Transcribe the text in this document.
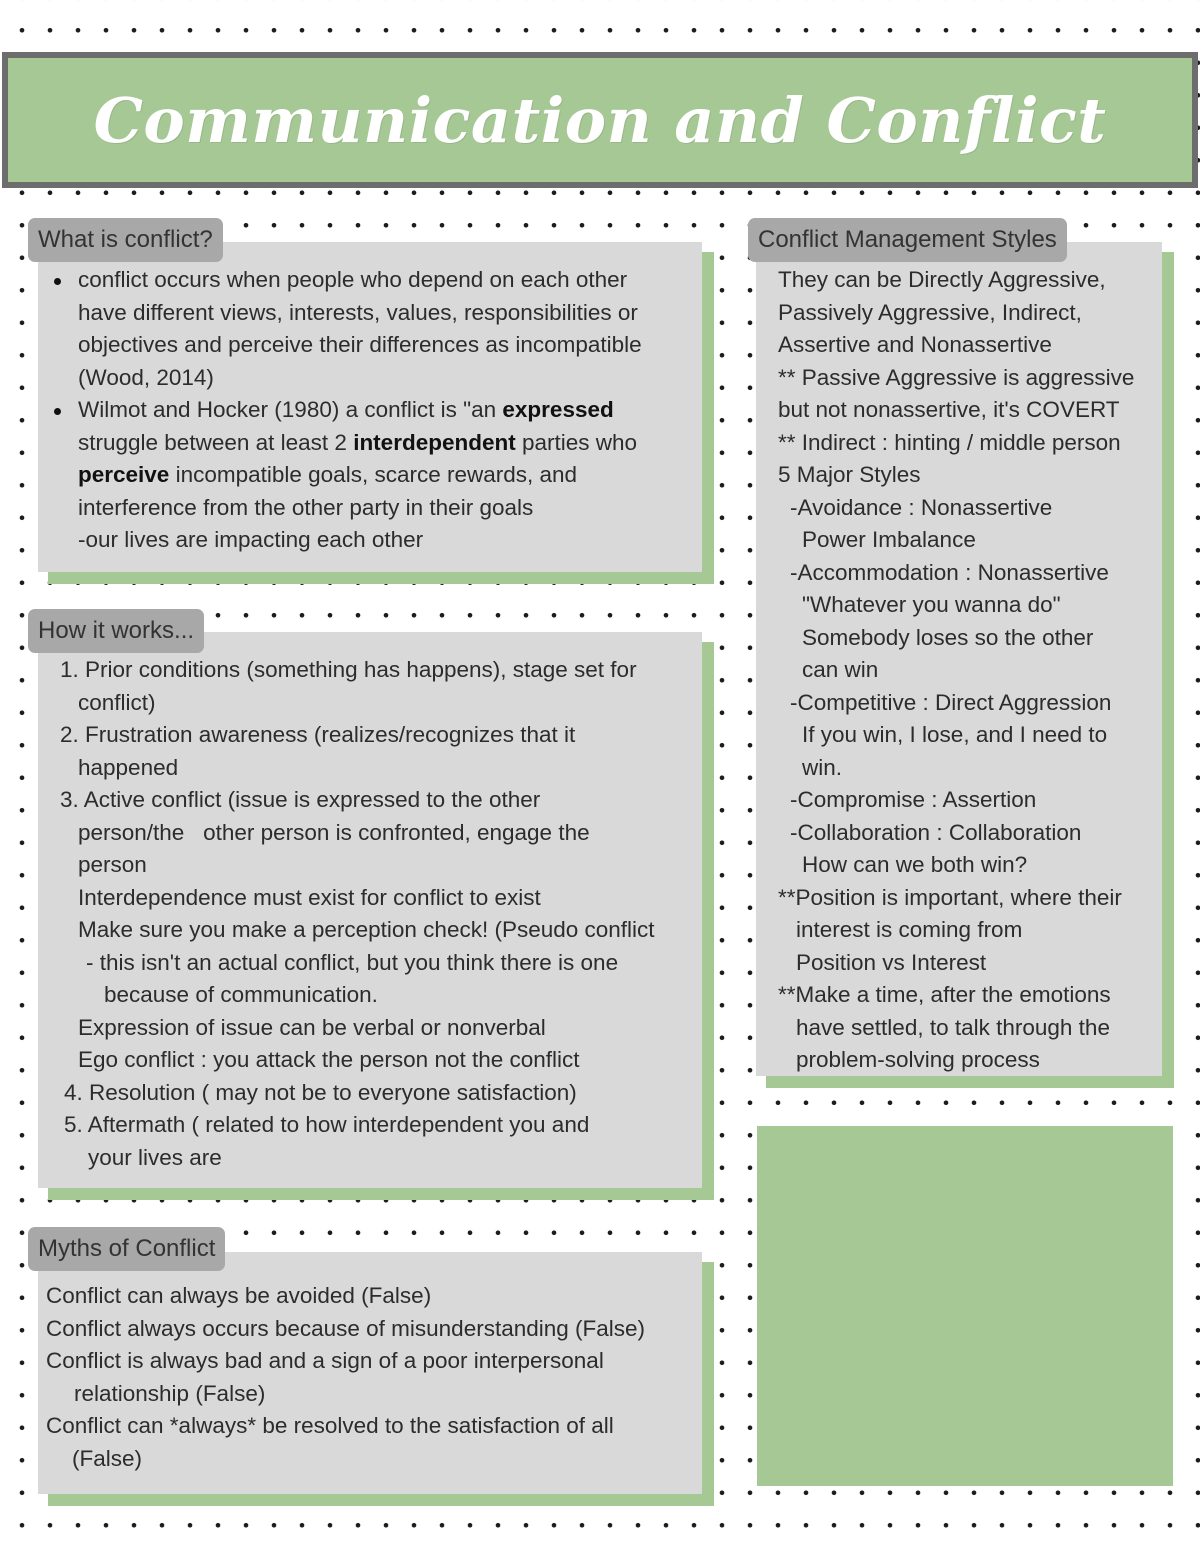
Communication and Conflict
conflict occurs when people who depend on each other
have different views, interests, values, responsibilities or
objectives and perceive their differences as incompatible
(Wood, 2014)
Wilmot and Hocker (1980) a conflict is "an expressed
struggle between at least 2 interdependent parties who
perceive incompatible goals, scarce rewards, and
interference from the other party in their goals
-our lives are impacting each other
What is conflict?
1. Prior conditions (something has happens), stage set for
conflict)
2. Frustration awareness (realizes/recognizes that it
happened
3. Active conflict (issue is expressed to the other
person/the   other person is confronted, engage the
person
Interdependence must exist for conflict to exist
Make sure you make a perception check! (Pseudo conflict
- this isn't an actual conflict, but you think there is one
because of communication.
Expression of issue can be verbal or nonverbal
Ego conflict : you attack the person not the conflict
4. Resolution ( may not be to everyone satisfaction)
5. Aftermath ( related to how interdependent you and
your lives are
How it works...
Conflict can always be avoided (False)
Conflict always occurs because of misunderstanding (False)
Conflict is always bad and a sign of a poor interpersonal
relationship (False)
Conflict can *always* be resolved to the satisfaction of all
(False)
Myths of Conflict
They can be Directly Aggressive,
Passively Aggressive, Indirect,
Assertive and Nonassertive
** Passive Aggressive is aggressive
but not nonassertive, it's COVERT
** Indirect : hinting / middle person
5 Major Styles
-Avoidance : Nonassertive
Power Imbalance
-Accommodation : Nonassertive
"Whatever you wanna do"
Somebody loses so the other
can win
-Competitive : Direct Aggression
If you win, I lose, and I need to
win.
-Compromise : Assertion
-Collaboration : Collaboration
How can we both win?
**Position is important, where their
interest is coming from
Position vs Interest
**Make a time, after the emotions
have settled, to talk through the
problem-solving process
Conflict Management Styles
